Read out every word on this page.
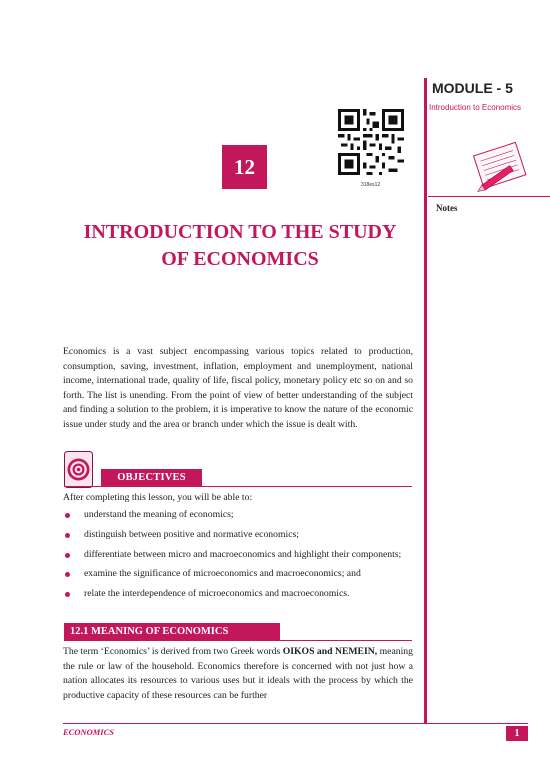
MODULE - 5
Introduction to Economics
Notes
318es12
12
INTRODUCTION TO THE STUDY
OF ECONOMICS
Economics is a vast subject encompassing various topics related to production, consumption, saving, investment, inflation, employment and unemployment, national income, international trade, quality of life, fiscal policy, monetary policy etc so on and so forth. The list is unending. From the point of view of better understanding of the subject and finding a solution to the problem, it is imperative to know the nature of the economic issue under study and the area or branch under which the issue is dealt with.
OBJECTIVES
After completing this lesson, you will be able to:
understand the meaning of economics;
distinguish between positive and normative economics;
differentiate between micro and macroeconomics and highlight their components;
examine the significance of microeconomics and macroeconomics; and
relate the interdependence of microeconomics and macroeconomics.
12.1 MEANING OF ECONOMICS
The term ‘Economics’ is derived from two Greek words OIKOS and NEMEIN, meaning the rule or law of the household. Economics therefore is concerned with not just how a nation allocates its resources to various uses but it ideals with the process by which the productive capacity of these resources can be further
ECONOMICS	1
